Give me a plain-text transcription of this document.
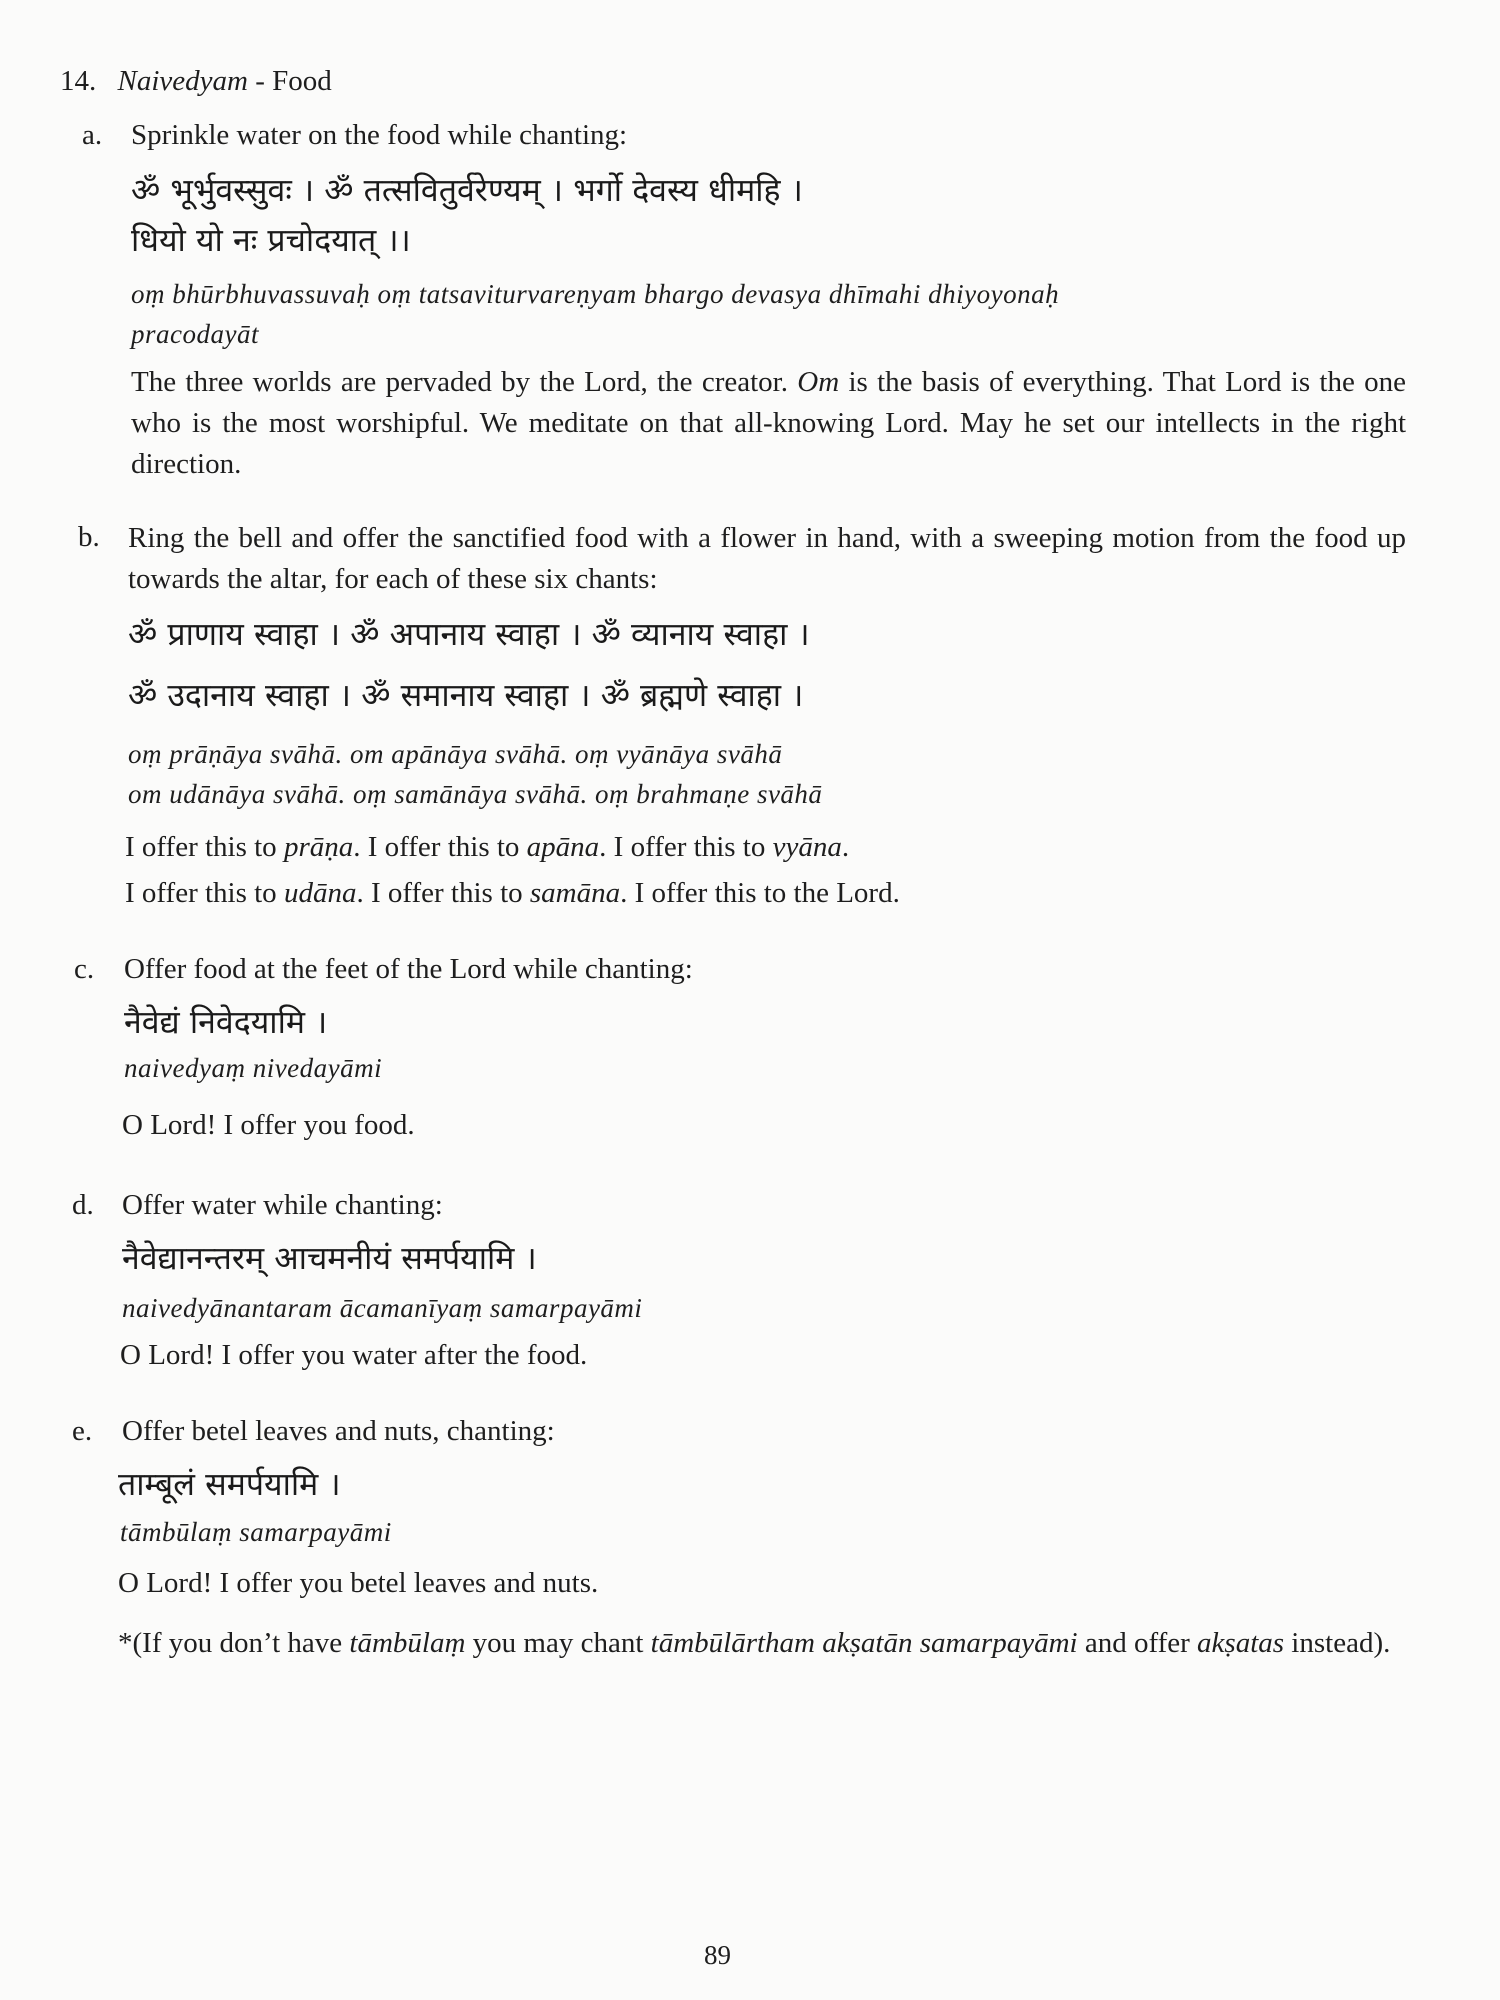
14. Naivedyam - Food
a. Sprinkle water on the food while chanting:
ॐ भूर्भुवस्सुवः । ॐ तत्सवितुर्वरेण्यम् । भर्गो देवस्य धीमहि ।
धियो यो नः प्रचोदयात् ।।
oṃ bhūrbhuvassuvaḥ oṃ tatsaviturvareṇyam bhargo devasya dhīmahi dhiyoyonaḥ
pracodayāt
The three worlds are pervaded by the Lord, the creator. Om is the basis of everything. That Lord is the one who is the most worshipful. We meditate on that all-knowing Lord. May he set our intellects in the right direction.
b. Ring the bell and offer the sanctified food with a flower in hand, with a sweeping motion from the food up towards the altar, for each of these six chants:
ॐ प्राणाय स्वाहा । ॐ अपानाय स्वाहा । ॐ व्यानाय स्वाहा ।
ॐ उदानाय स्वाहा । ॐ समानाय स्वाहा । ॐ ब्रह्मणे स्वाहा ।
oṃ prāṇāya svāhā. om apānāya svāhā. oṃ vyānāya svāhā
om udānāya svāhā. oṃ samānāya svāhā. oṃ brahmaṇe svāhā
I offer this to prāṇa. I offer this to apāna. I offer this to vyāna.
I offer this to udāna. I offer this to samāna. I offer this to the Lord.
c. Offer food at the feet of the Lord while chanting:
नैवेद्यं निवेदयामि ।
naivedyaṃ nivedayāmi
O Lord! I offer you food.
d. Offer water while chanting:
नैवेद्यानन्तरम् आचमनीयं समर्पयामि ।
naivedyānantaram ācamanīyaṃ samarpayāmi
O Lord! I offer you water after the food.
e. Offer betel leaves and nuts, chanting:
ताम्बूलं समर्पयामि ।
tāmbūlaṃ samarpayāmi
O Lord! I offer you betel leaves and nuts.
*(If you don’t have tāmbūlaṃ you may chant tāmbūlārtham akṣatān samarpayāmi and offer akṣatas instead).
89
